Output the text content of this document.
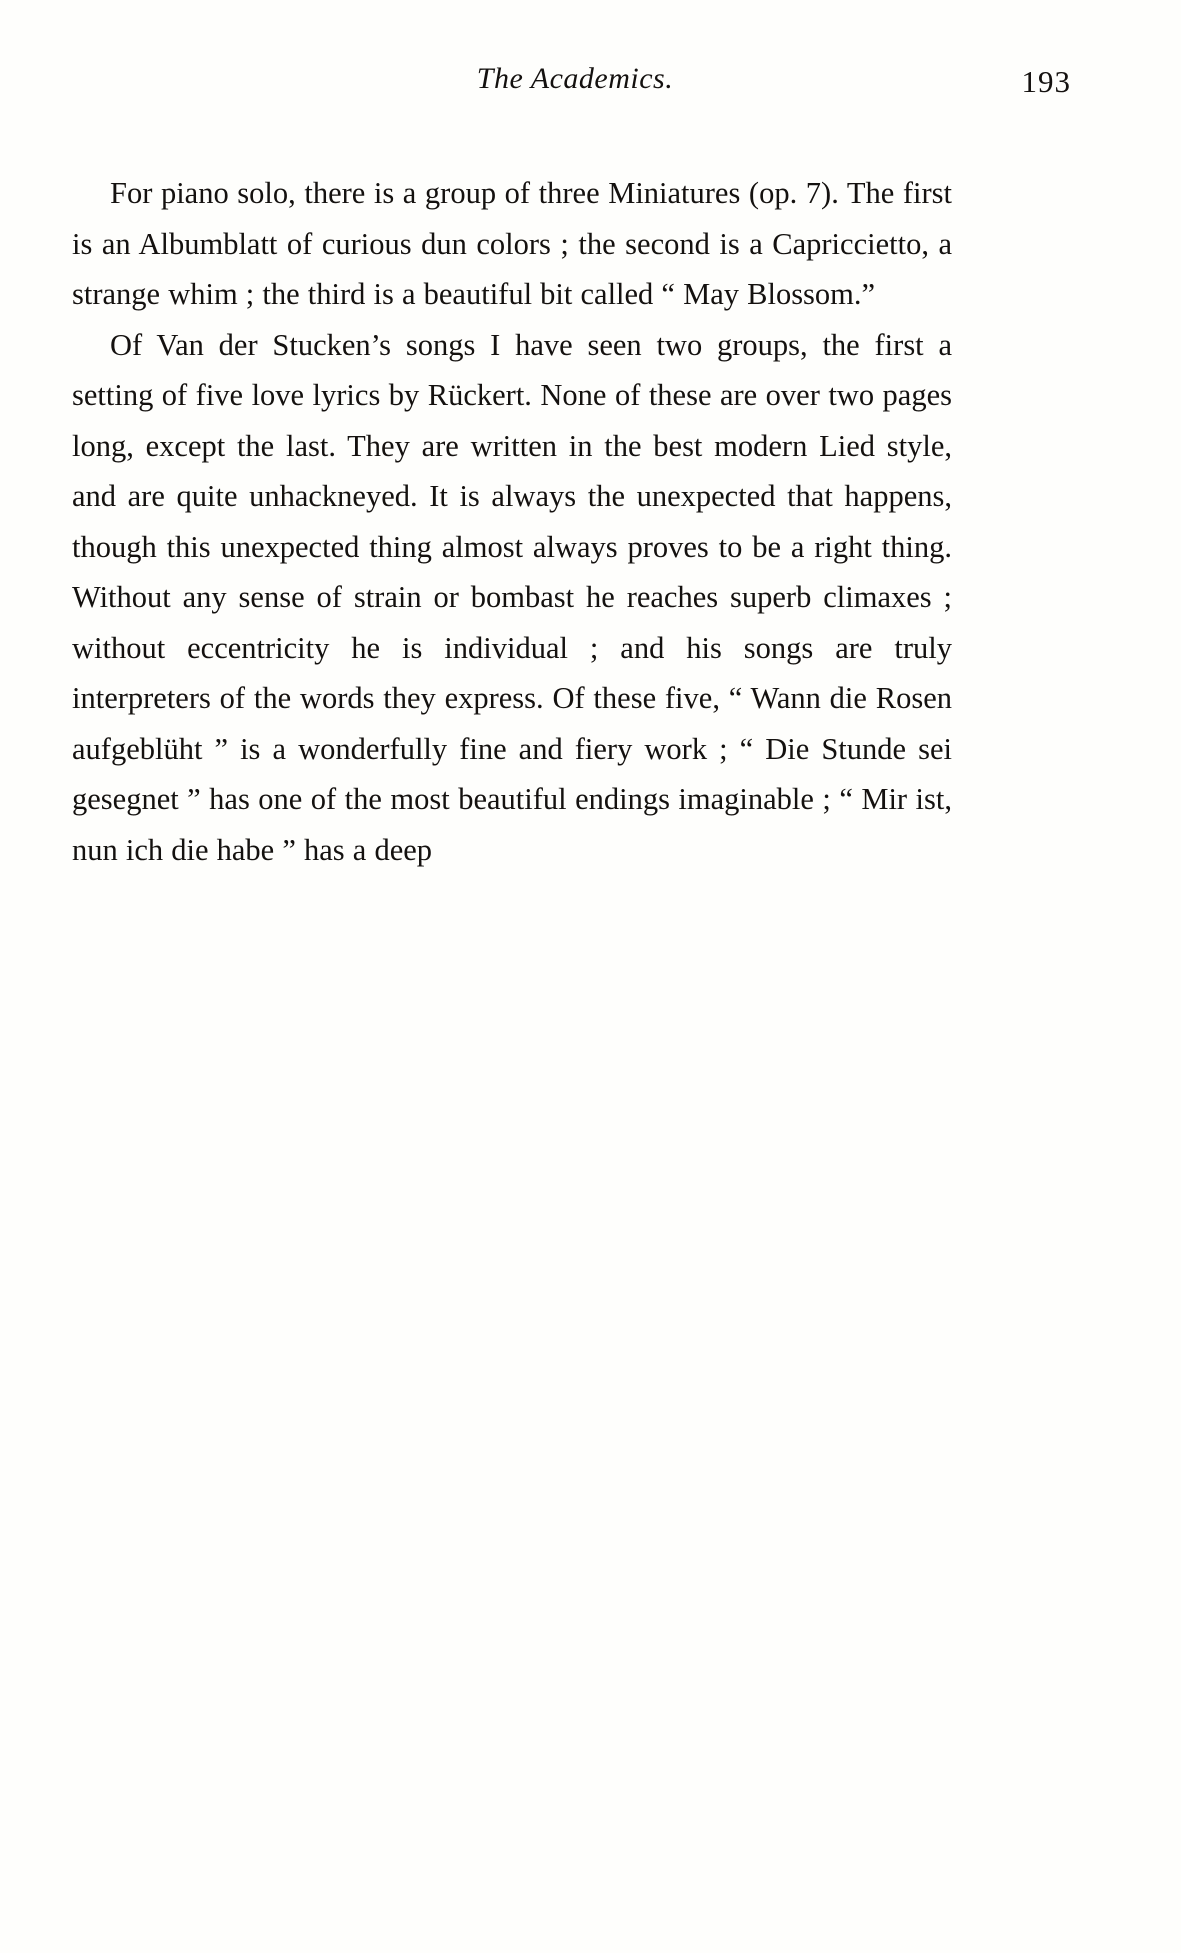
The Academics.	193

For piano solo, there is a group of three Miniatures (op. 7). The first is an Albumblatt of curious dun colors ; the second is a Capriccietto, a strange whim ; the third is a beautiful bit called “ May Blossom.”

Of Van der Stucken’s songs I have seen two groups, the first a setting of five love lyrics by Rückert. None of these are over two pages long, except the last. They are written in the best modern Lied style, and are quite unhackneyed. It is always the unexpected that happens, though this unexpected thing almost always proves to be a right thing. Without any sense of strain or bombast he reaches superb climaxes ; without eccentricity he is individual ; and his songs are truly interpreters of the words they express. Of these five, “ Wann die Rosen aufgeblüht ” is a wonderfully fine and fiery work ; “ Die Stunde sei gesegnet ” has one of the most beautiful endings imaginable ; “ Mir ist, nun ich die habe ” has a deep
